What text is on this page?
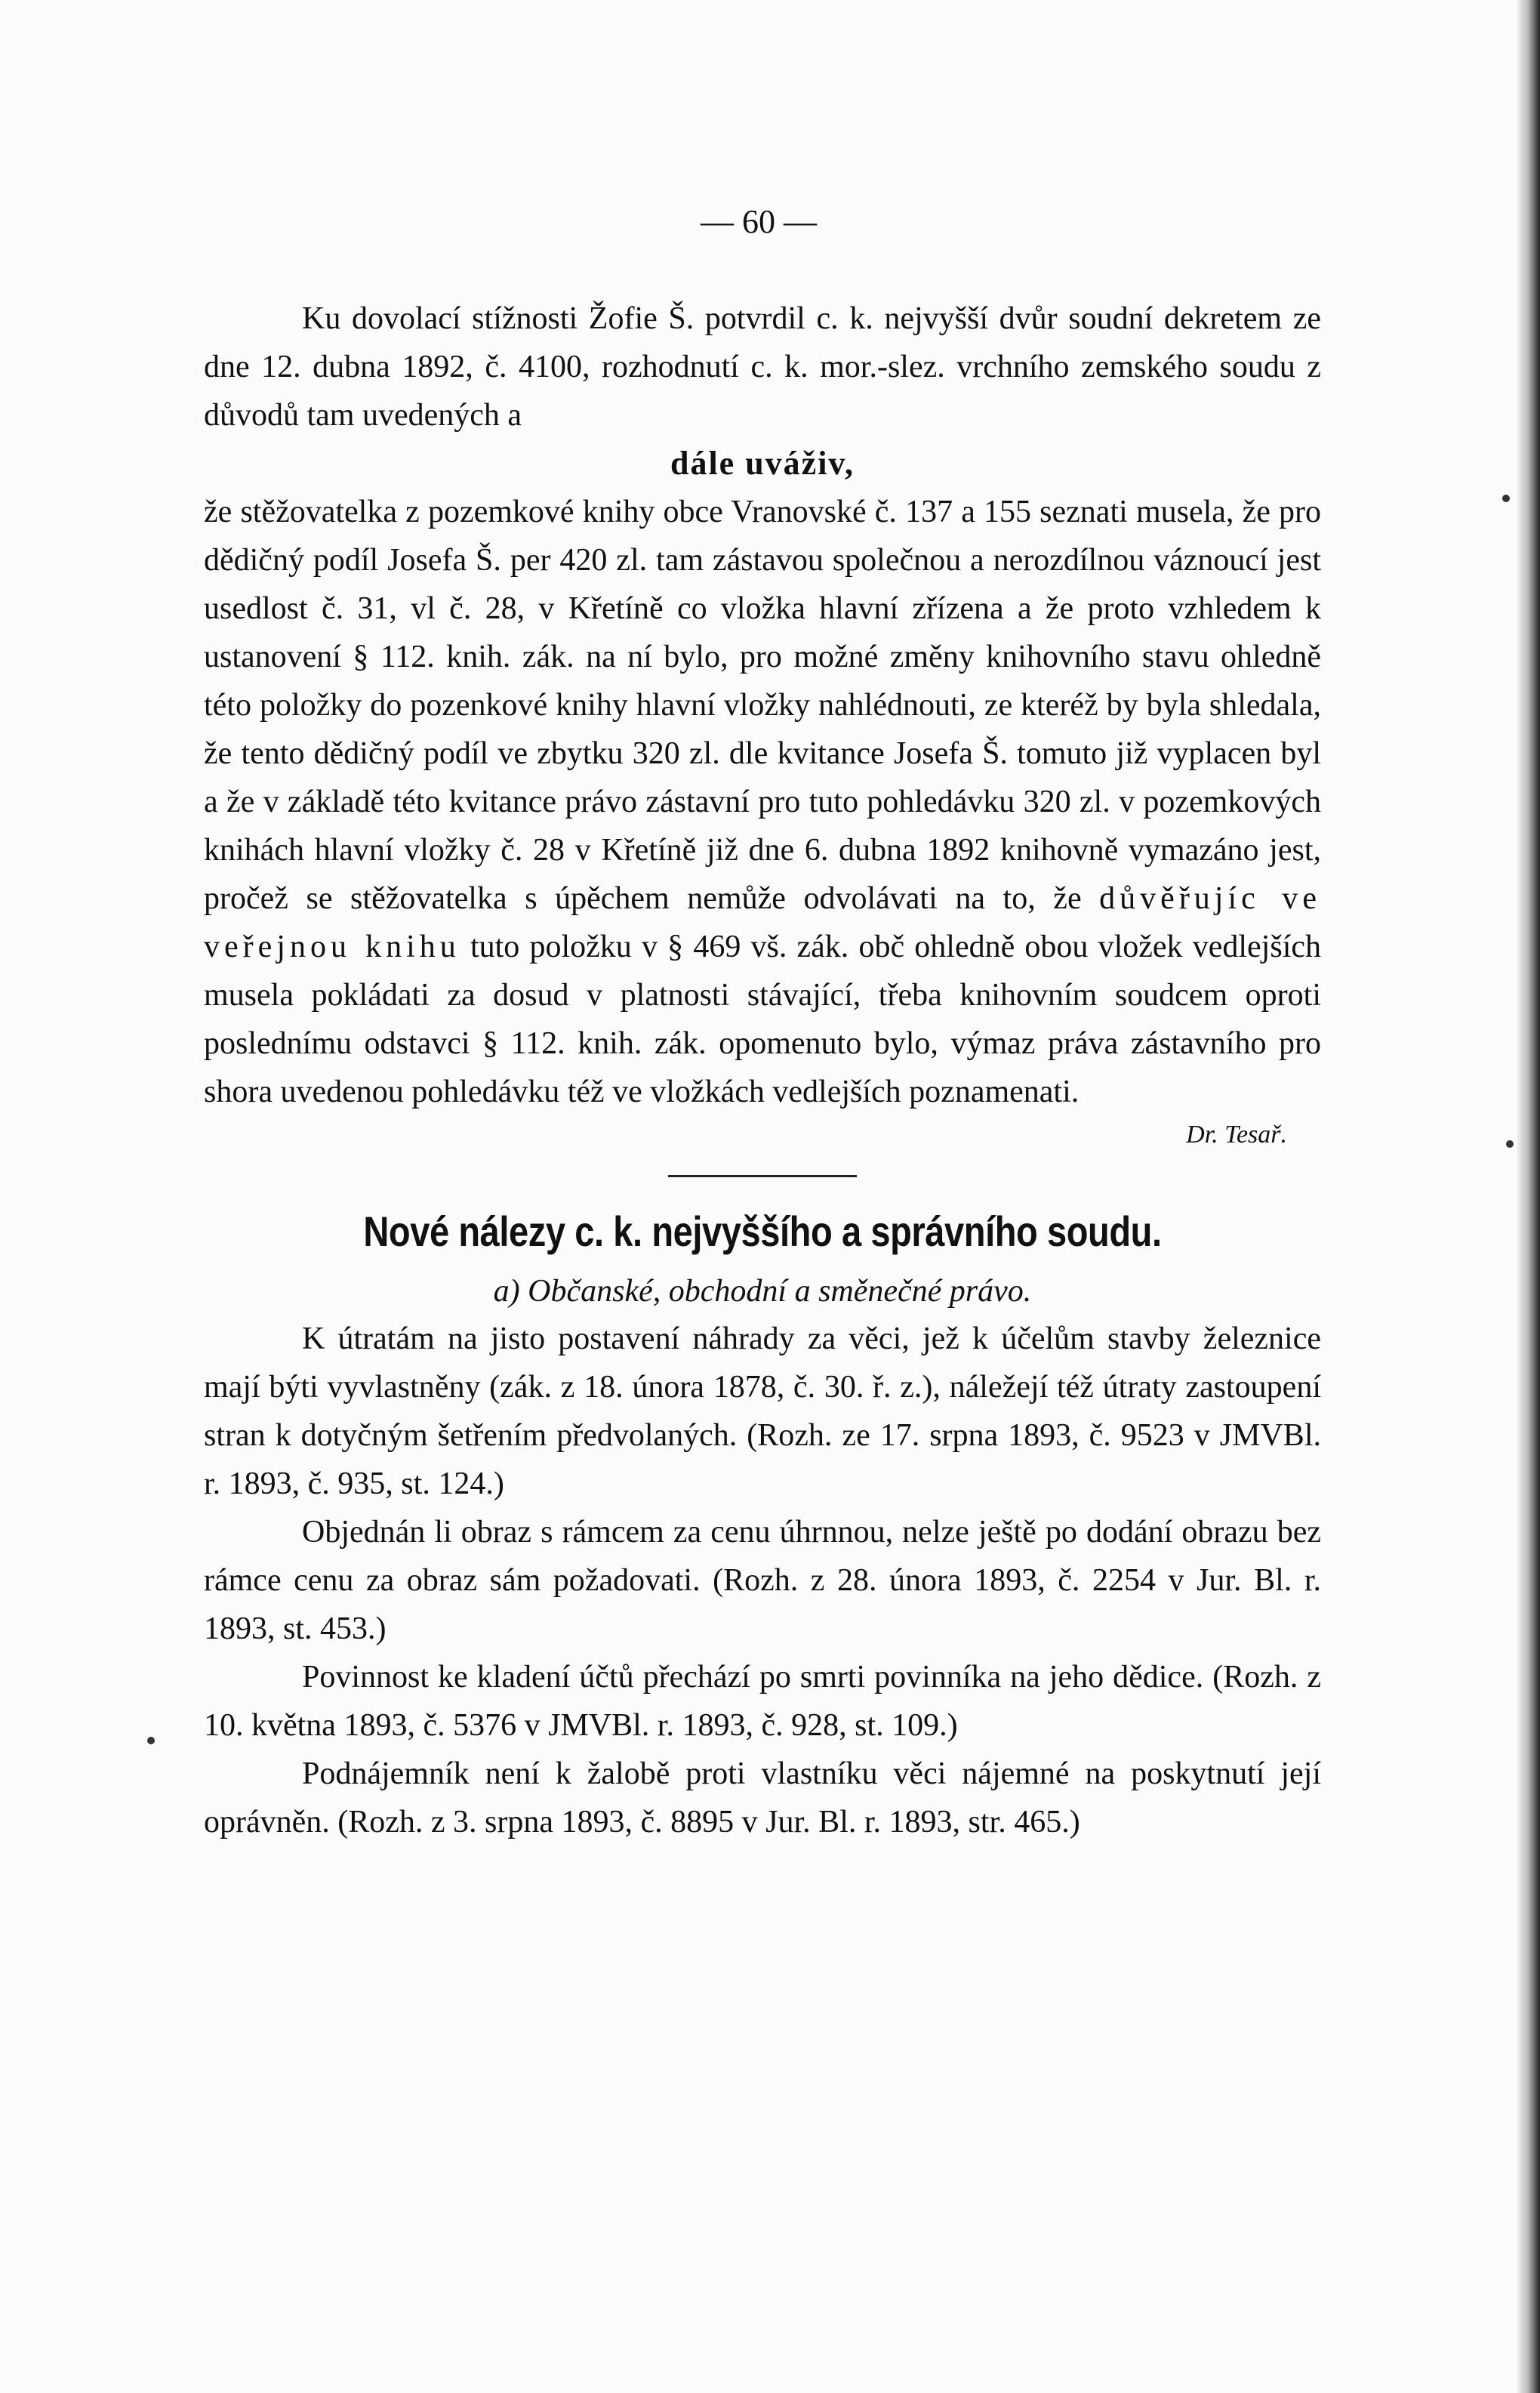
— 60 —

Ku dovolací stížnosti Žofie Š. potvrdil c. k. nejvyšší dvůr soudní dekretem ze dne 12. dubna 1892, č. 4100, rozhodnutí c. k. mor.-slez. vrchního zemského soudu z důvodů tam uvedených a

dále uváživ,

že stěžovatelka z pozemkové knihy obce Vranovské č. 137 a 155 seznati musela, že pro dědičný podíl Josefa Š. per 420 zl. tam zástavou společnou a nerozdílnou váznoucí jest usedlost č. 31, vl č. 28, v Křetíně co vložka hlavní zřízena a že proto vzhledem k ustanovení § 112. knih. zák. na ní bylo, pro možné změny knihovního stavu ohledně této položky do pozenkové knihy hlavní vložky nahlédnouti, ze kteréž by byla shledala, že tento dědičný podíl ve zbytku 320 zl. dle kvitance Josefa Š. tomuto již vyplacen byl a že v základě této kvitance právo zástavní pro tuto pohledávku 320 zl. v pozemkových knihách hlavní vložky č. 28 v Křetíně již dne 6. dubna 1892 knihovně vymazáno jest, pročež se stěžovatelka s úpěchem nemůže odvolávati na to, že důvěřujíc ve veřejnou knihu tuto položku v § 469 vš. zák. obč ohledně obou vložek vedlejších musela pokládati za dosud v platnosti stávající, třeba knihovním soudcem oproti poslednímu odstavci § 112. knih. zák. opomenuto bylo, výmaz práva zástavního pro shora uvedenou pohledávku též ve vložkách vedlejších poznamenati.

Dr. Tesař.

Nové nálezy c. k. nejvyššího a správního soudu.

a) Občanské, obchodní a směnečné právo.

K útratám na jisto postavení náhrady za věci, jež k účelům stavby železnice mají býti vyvlastněny (zák. z 18. února 1878, č. 30. ř. z.), náležejí též útraty zastoupení stran k dotyčným šetřením předvolaných. (Rozh. ze 17. srpna 1893, č. 9523 v JMVBl. r. 1893, č. 935, st. 124.)

Objednán li obraz s rámcem za cenu úhrnnou, nelze ještě po dodání obrazu bez rámce cenu za obraz sám požadovati. (Rozh. z 28. února 1893, č. 2254 v Jur. Bl. r. 1893, st. 453.)

Povinnost ke kladení účtů přechází po smrti povinníka na jeho dědice. (Rozh. z 10. května 1893, č. 5376 v JMVBl. r. 1893, č. 928, st. 109.)

Podnájemník není k žalobě proti vlastníku věci nájemné na poskytnutí její oprávněn. (Rozh. z 3. srpna 1893, č. 8895 v Jur. Bl. r. 1893, str. 465.)
